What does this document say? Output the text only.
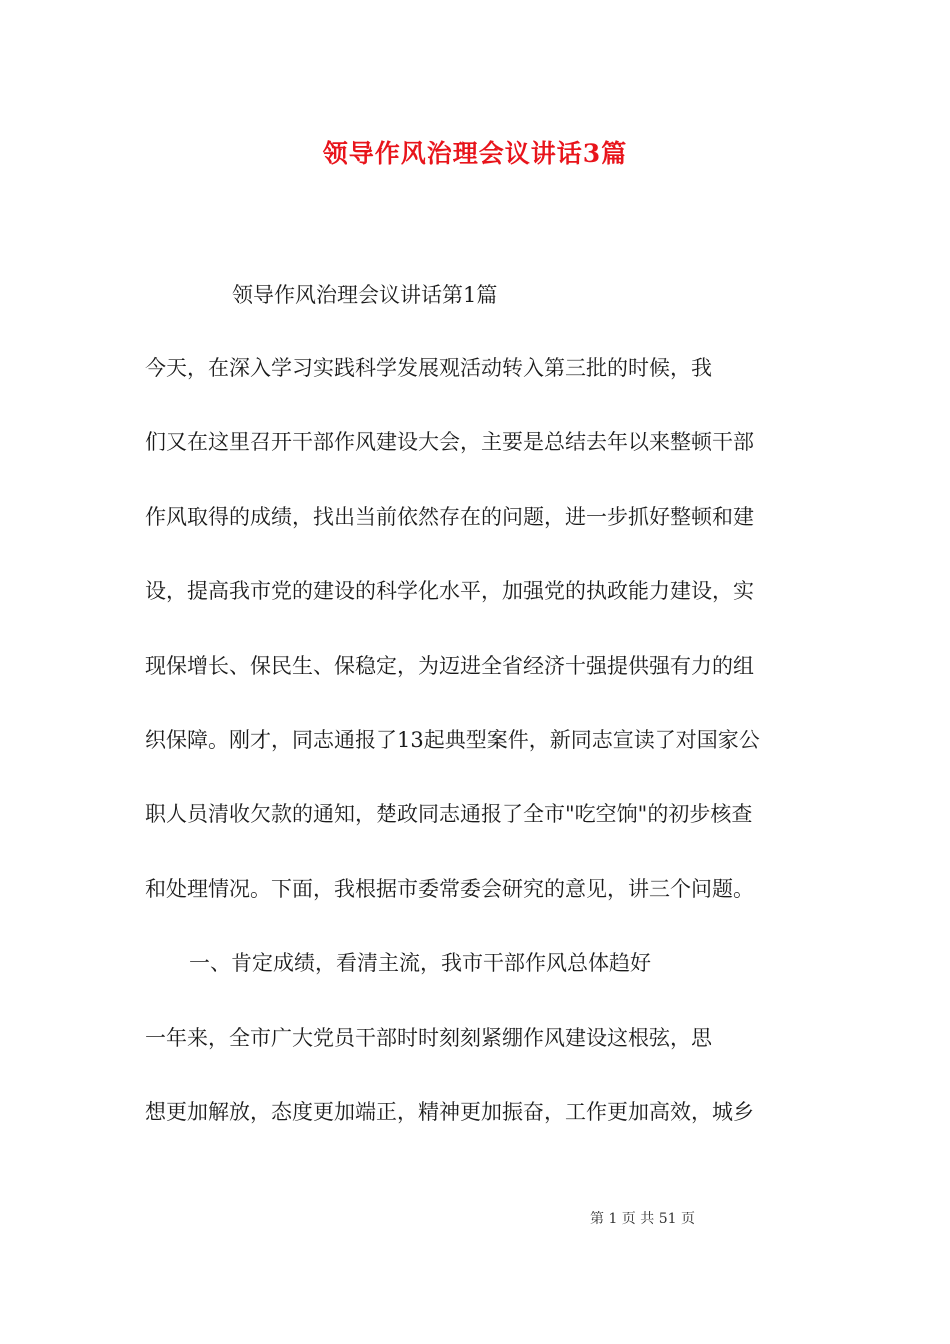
领导作风治理会议讲话3篇
领导作风治理会议讲话第1篇
今天，在深入学习实践科学发展观活动转入第三批的时候，我
们又在这里召开干部作风建设大会，主要是总结去年以来整顿干部
作风取得的成绩，找出当前依然存在的问题，进一步抓好整顿和建
设，提高我市党的建设的科学化水平，加强党的执政能力建设，实
现保增长、保民生、保稳定，为迈进全省经济十强提供强有力的组
织保障。刚才，同志通报了13起典型案件，新同志宣读了对国家公
职人员清收欠款的通知，楚政同志通报了全市"吃空饷"的初步核查
和处理情况。下面，我根据市委常委会研究的意见，讲三个问题。
一、肯定成绩，看清主流，我市干部作风总体趋好
一年来，全市广大党员干部时时刻刻紧绷作风建设这根弦，思
想更加解放，态度更加端正，精神更加振奋，工作更加高效，城乡
第 1 页 共 51 页
